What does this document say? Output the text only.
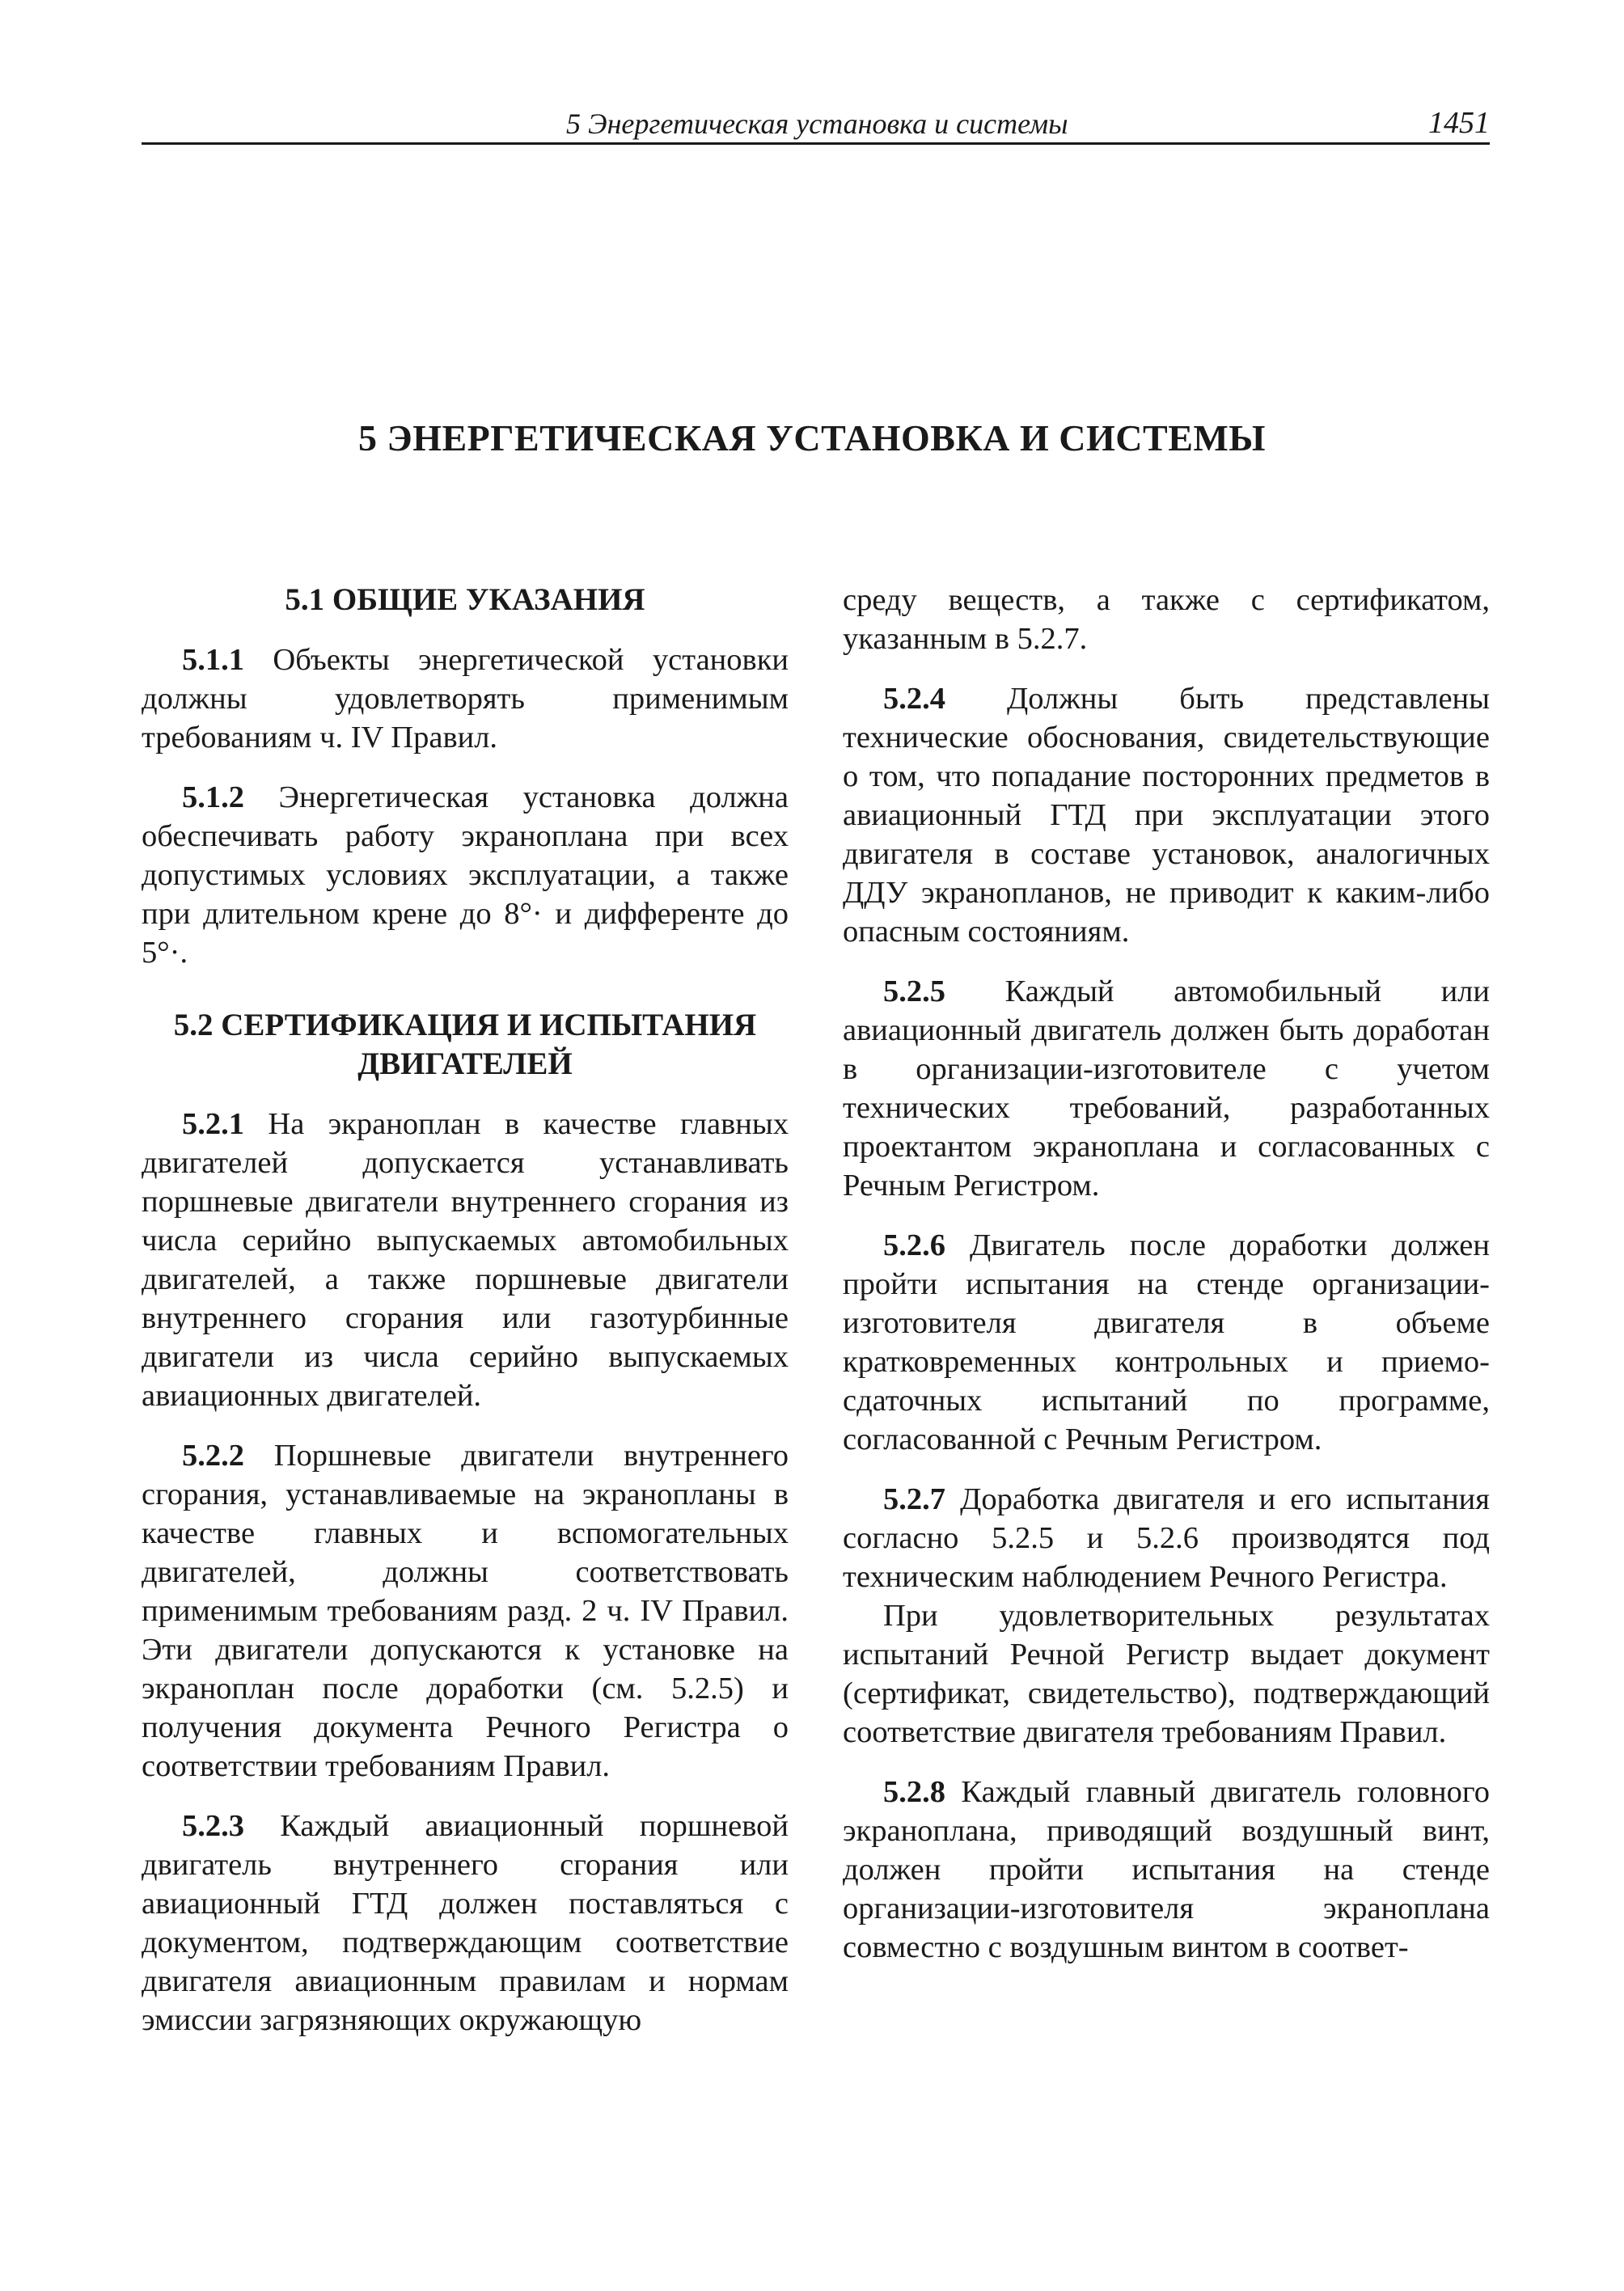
5 Энергетическая установка и системы	1451
5 ЭНЕРГЕТИЧЕСКАЯ УСТАНОВКА И СИСТЕМЫ
5.1 ОБЩИЕ УКАЗАНИЯ

5.1.1 Объекты энергетической установки должны удовлетворять применимым требованиям ч. IV Правил.

5.1.2 Энергетическая установка должна обеспечивать работу экраноплана при всех допустимых условиях эксплуатации, а также при длительном крене до 8°· и дифференте до 5°·.

5.2 СЕРТИФИКАЦИЯ И ИСПЫТАНИЯ
ДВИГАТЕЛЕЙ

5.2.1 На экраноплан в качестве главных двигателей допускается устанавливать поршневые двигатели внутреннего сгорания из числа серийно выпускаемых автомобильных двигателей, а также поршневые двигатели внутреннего сгорания или газотурбинные двигатели из числа серийно выпускаемых авиационных двигателей.

5.2.2 Поршневые двигатели внутреннего сгорания, устанавливаемые на экранопланы в качестве главных и вспомогательных двигателей, должны соответствовать применимым требованиям разд. 2 ч. IV Правил. Эти двигатели допускаются к установке на экраноплан после доработки (см. 5.2.5) и получения документа Речного Регистра о соответствии требованиям Правил.

5.2.3 Каждый авиационный поршневой двигатель внутреннего сгорания или авиационный ГТД должен поставляться с документом, подтверждающим соответствие двигателя авиационным правилам и нормам эмиссии загрязняющих окружающую

среду веществ, а также с сертификатом, указанным в 5.2.7.

5.2.4 Должны быть представлены технические обоснования, свидетельствующие о том, что попадание посторонних предметов в авиационный ГТД при эксплуатации этого двигателя в составе установок, аналогичных ДДУ экранопланов, не приводит к каким-либо опасным состояниям.

5.2.5 Каждый автомобильный или авиационный двигатель должен быть доработан в организации-изготовителе с учетом технических требований, разработанных проектантом экраноплана и согласованных с Речным Регистром.

5.2.6 Двигатель после доработки должен пройти испытания на стенде организации-изготовителя двигателя в объеме кратковременных контрольных и приемо-сдаточных испытаний по программе, согласованной с Речным Регистром.

5.2.7 Доработка двигателя и его испытания согласно 5.2.5 и 5.2.6 производятся под техническим наблюдением Речного Регистра.

При удовлетворительных результатах испытаний Речной Регистр выдает документ (сертификат, свидетельство), подтверждающий соответствие двигателя требованиям Правил.

5.2.8 Каждый главный двигатель головного экраноплана, приводящий воздушный винт, должен пройти испытания на стенде организации-изготовителя экраноплана совместно с воздушным винтом в соответ-
